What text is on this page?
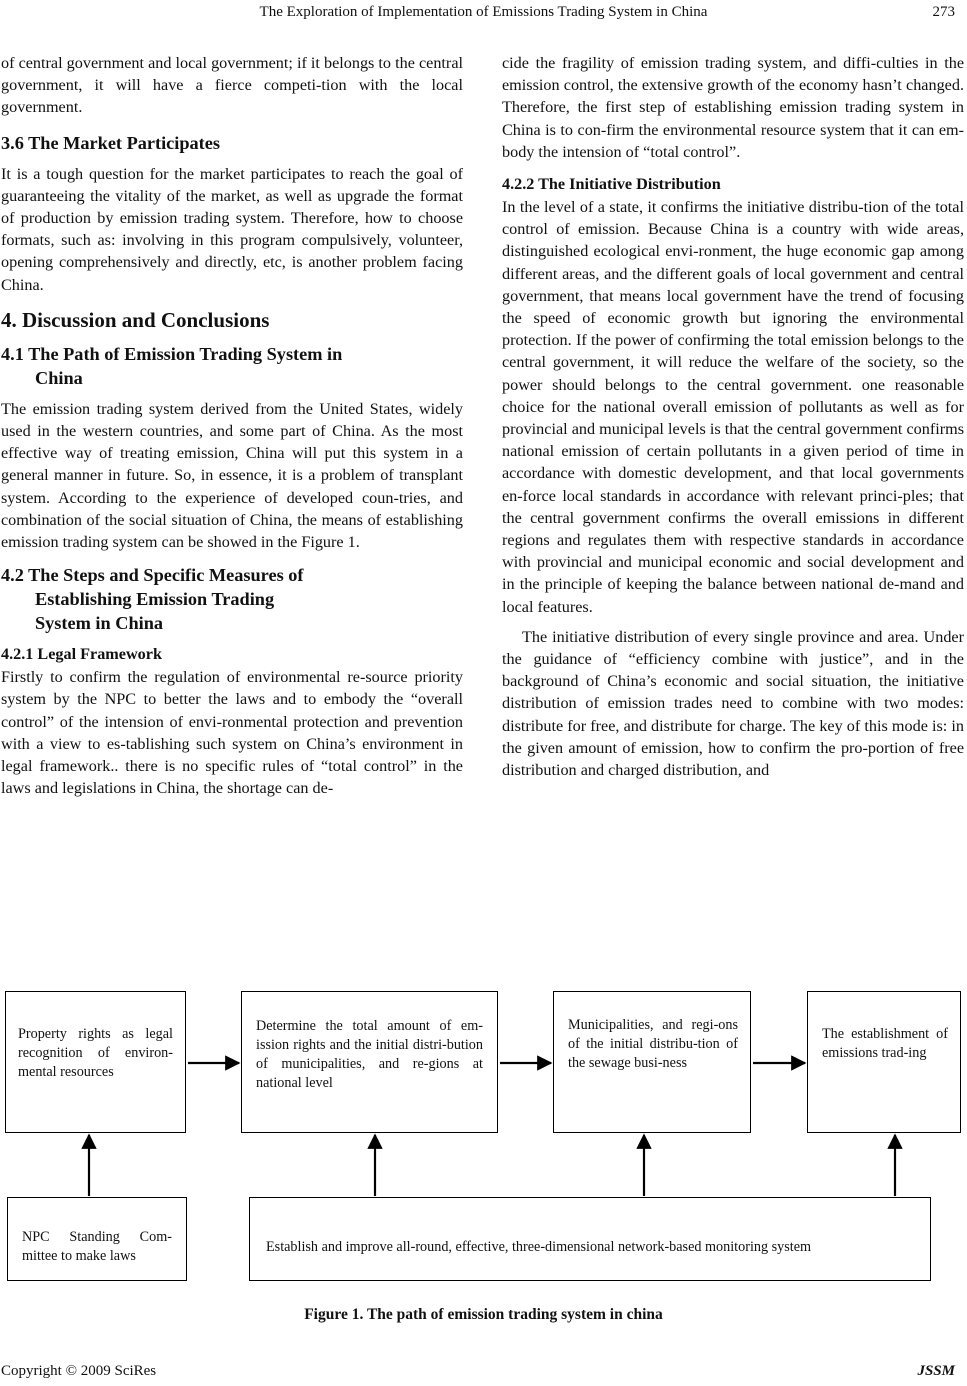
The Exploration of Implementation of Emissions Trading System in China	273

of central government and local government; if it belongs to the central government, it will have a fierce competi-tion with the local government.

3.6 The Market Participates

It is a tough question for the market participates to reach the goal of guaranteeing the vitality of the market, as well as upgrade the format of production by emission trading system. Therefore, how to choose formats, such as: involving in this program compulsively, volunteer, opening comprehensively and directly, etc, is another problem facing China.

4. Discussion and Conclusions
4.1 The Path of Emission Trading System in
China

The emission trading system derived from the United States, widely used in the western countries, and some part of China. As the most effective way of treating emission, China will put this system in a general manner in future. So, in essence, it is a problem of transplant system. According to the experience of developed coun-tries, and combination of the social situation of China, the means of establishing emission trading system can be showed in the Figure 1.

4.2 The Steps and Specific Measures of
Establishing Emission Trading
System in China
4.2.1 Legal Framework

Firstly to confirm the regulation of environmental re-source priority system by the NPC to better the laws and to embody the “overall control” of the intension of envi-ronmental protection and prevention with a view to es-tablishing such system on China’s environment in legal framework.. there is no specific rules of “total control” in the laws and legislations in China, the shortage can de-

cide the fragility of emission trading system, and diffi-culties in the emission control, the extensive growth of the economy hasn’t changed. Therefore, the first step of establishing emission trading system in China is to con-firm the environmental resource system that it can em-body the intension of “total control”.

4.2.2 The Initiative Distribution

In the level of a state, it confirms the initiative distribu-tion of the total control of emission. Because China is a country with wide areas, distinguished ecological envi-ronment, the huge economic gap among different areas, and the different goals of local government and central government, that means local government have the trend of focusing the speed of economic growth but ignoring the environmental protection. If the power of confirming the total emission belongs to the central government, it will reduce the welfare of the society, so the power should belongs to the central government. one reasonable choice for the national overall emission of pollutants as well as for provincial and municipal levels is that the central government confirms national emission of certain pollutants in a given period of time in accordance with domestic development, and that local governments en-force local standards in accordance with relevant princi-ples; that the central government confirms the overall emissions in different regions and regulates them with respective standards in accordance with provincial and municipal economic and social development and in the principle of keeping the balance between national de-mand and local features.

The initiative distribution of every single province and area. Under the guidance of “efficiency combine with justice”, and in the background of China’s economic and social situation, the initiative distribution of emission trades need to combine with two modes: distribute for free, and distribute for charge. The key of this mode is: in the given amount of emission, how to confirm the pro-portion of free distribution and charged distribution, and

Property rights as legal recognition of environ-mental resources
Determine the total amount of em-ission rights and the initial distri-bution of municipalities, and re-gions at national level
Municipalities, and regi-ons of the initial distribu-tion of the sewage busi-ness
The establishment of emissions trad-ing
NPC Standing Com-mittee to make laws
Establish and improve all-round, effective, three-dimensional network-based monitoring system
Figure 1. The path of emission trading system in china
Copyright © 2009 SciRes	JSSM
